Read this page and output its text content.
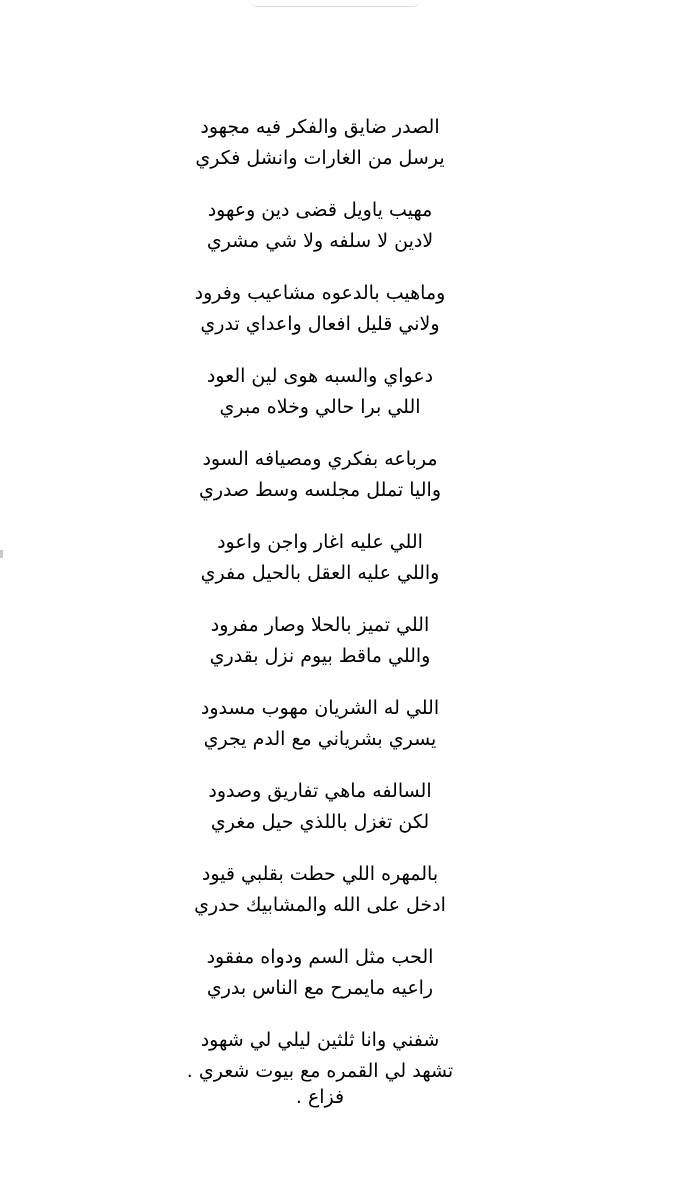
الصدر ضايق والفكر فيه مجهود
يرسل من الغارات وانشل فكري
مهيب ياويل قضى دين وعهود
لادين لا سلفه ولا شي مشري
وماهيب بالدعوه مشاعيب وفرود
ولاني قليل افعال واعداي تدري
دعواي والسبه هوى لين العود
اللي برا حالي وخلاه مبري
مرباعه بفكري ومصيافه السود
واليا تملل مجلسه وسط صدري
اللي عليه اغار واجن واعود
واللي عليه العقل بالحيل مفري
اللي تميز بالحلا وصار مفرود
واللي ماقط بيوم نزل بقدري
اللي له الشريان مهوب مسدود
يسري بشرياني مع الدم يجري
السالفه ماهي تفاريق وصدود
لكن تغزل باللذي حيل مغري
بالمهره اللي حطت بقلبي قيود
ادخل على الله والمشابيك حدري
الحب مثل السم ودواه مفقود
راعيه مايمرح مع الناس بدري
شفني وانا ثلثين ليلي لي شهود
تشهد لي القمره مع بيوت شعري .
فزاع .
